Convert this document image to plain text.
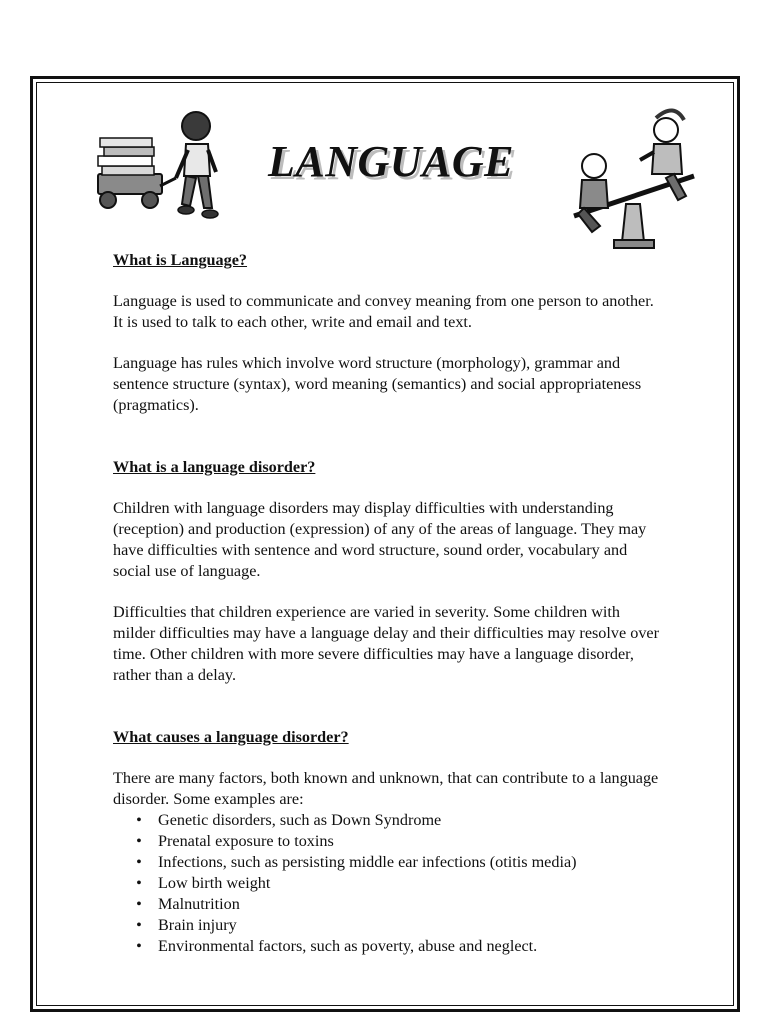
LANGUAGE

What is Language?

Language is used to communicate and convey meaning from one person to another. It is used to talk to each other, write and email and text.

Language has rules which involve word structure (morphology), grammar and sentence structure (syntax), word meaning (semantics) and social appropriateness (pragmatics).

What is a language disorder?

Children with language disorders may display difficulties with understanding (reception) and production (expression) of any of the areas of language. They may have difficulties with sentence and word structure, sound order, vocabulary and social use of language.

Difficulties that children experience are varied in severity. Some children with milder difficulties may have a language delay and their difficulties may resolve over time. Other children with more severe difficulties may have a language disorder, rather than a delay.

What causes a language disorder?

There are many factors, both known and unknown, that can contribute to a language disorder. Some examples are:

• Genetic disorders, such as Down Syndrome
• Prenatal exposure to toxins
• Infections, such as persisting middle ear infections (otitis media)
• Low birth weight
• Malnutrition
• Brain injury
• Environmental factors, such as poverty, abuse and neglect.
